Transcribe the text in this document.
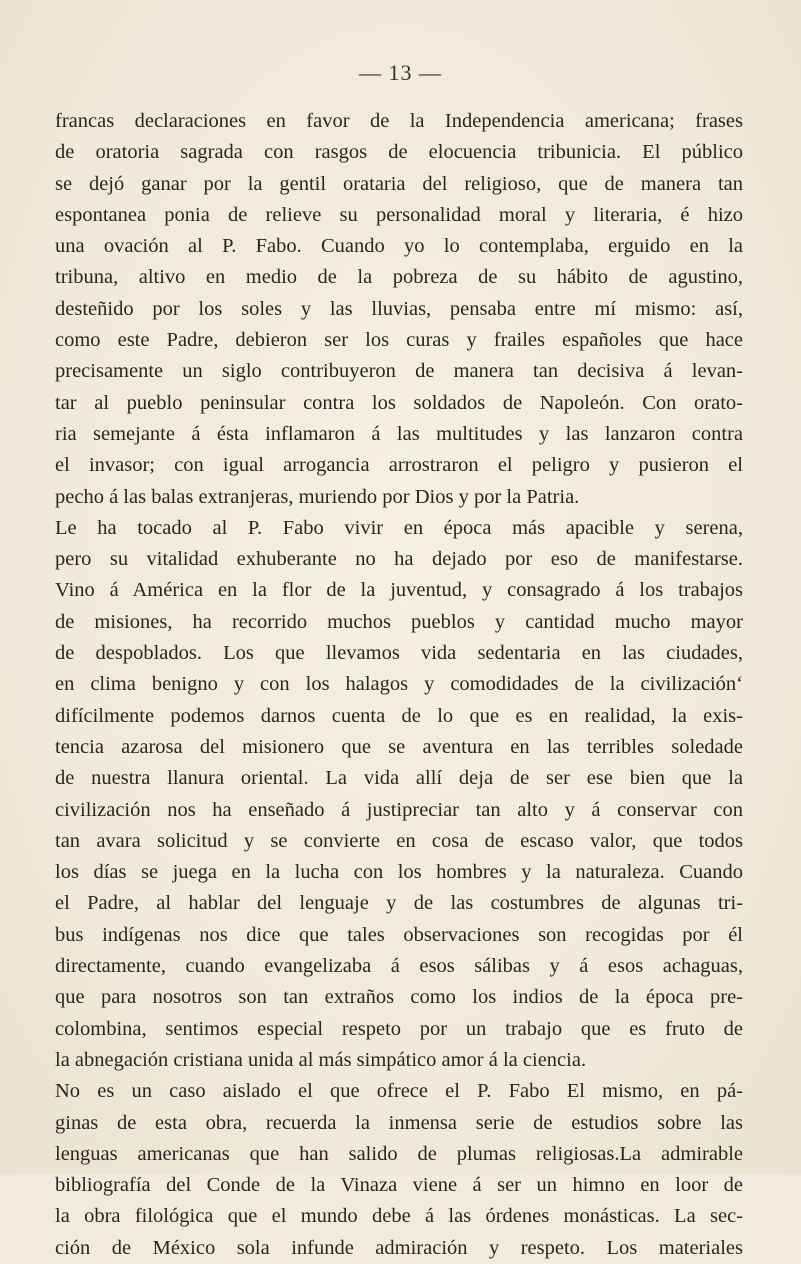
— 13 —
francas declaraciones en favor de la Independencia americana; frases
de oratoria sagrada con rasgos de elocuencia tribunicia. El público
se dejó ganar por la gentil orataria del religioso, que de manera tan
espontanea ponia de relieve su personalidad moral y literaria, é hizo
una ovación al P. Fabo. Cuando yo lo contemplaba, erguido en la
tribuna, altivo en medio de la pobreza de su hábito de agustino,
desteñido por los soles y las lluvias, pensaba entre mí mismo: así,
como este Padre, debieron ser los curas y frailes españoles que hace
precisamente un siglo contribuyeron de manera tan decisiva á levan-
tar al pueblo peninsular contra los soldados de Napoleón. Con orato-
ria semejante á ésta inflamaron á las multitudes y las lanzaron contra
el invasor; con igual arrogancia arrostraron el peligro y pusieron el
pecho á las balas extranjeras, muriendo por Dios y por la Patria.
Le ha tocado al P. Fabo vivir en época más apacible y serena,
pero su vitalidad exhuberante no ha dejado por eso de manifestarse.
Vino á América en la flor de la juventud, y consagrado á los trabajos
de misiones, ha recorrido muchos pueblos y cantidad mucho mayor
de despoblados. Los que llevamos vida sedentaria en las ciudades,
en clima benigno y con los halagos y comodidades de la civilización‘
difícilmente podemos darnos cuenta de lo que es en realidad, la exis-
tencia azarosa del misionero que se aventura en las terribles soledade
de nuestra llanura oriental. La vida allí deja de ser ese bien que la
civilización nos ha enseñado á justipreciar tan alto y á conservar con
tan avara solicitud y se convierte en cosa de escaso valor, que todos
los días se juega en la lucha con los hombres y la naturaleza. Cuando
el Padre, al hablar del lenguaje y de las costumbres de algunas tri-
bus indígenas nos dice que tales observaciones son recogidas por él
directamente, cuando evangelizaba á esos sálibas y á esos achaguas,
que para nosotros son tan extraños como los indios de la época pre-
colombina, sentimos especial respeto por un trabajo que es fruto de
la abnegación cristiana unida al más simpático amor á la ciencia.
No es un caso aislado el que ofrece el P. Fabo El mismo, en pá-
ginas de esta obra, recuerda la inmensa serie de estudios sobre las
lenguas americanas que han salido de plumas religiosas.La admirable
bibliografía del Conde de la Vinaza viene á ser un himno en loor de
la obra filológica que el mundo debe á las órdenes monásticas. La sec-
ción de México sola infunde admiración y respeto. Los materiales
